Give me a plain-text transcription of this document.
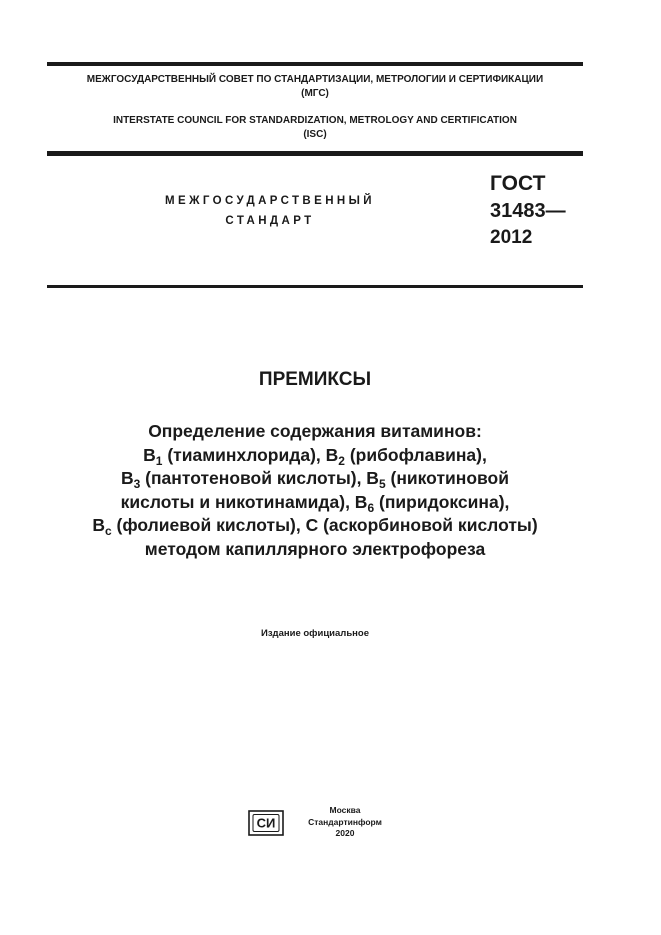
МЕЖГОСУДАРСТВЕННЫЙ СОВЕТ ПО СТАНДАРТИЗАЦИИ, МЕТРОЛОГИИ И СЕРТИФИКАЦИИ
(МГС)
INTERSTATE COUNCIL FOR STANDARDIZATION, METROLOGY AND CERTIFICATION
(ISC)
МЕЖГОСУДАРСТВЕННЫЙ
СТАНДАРТ
ГОСТ
31483—
2012
ПРЕМИКСЫ
Определение содержания витаминов:
$B_1$ (тиаминхлорида), $B_2$ (рибофлавина),
$B_3$ (пантотеновой кислоты), $B_5$ (никотиновой
кислоты и никотинамида), $B_6$ (пиридоксина),
$B_c$ (фолиевой кислоты), C (аскорбиновой кислоты)
методом капиллярного электрофореза
Издание официальное
СИ
Москва
Стандартинформ
2020
